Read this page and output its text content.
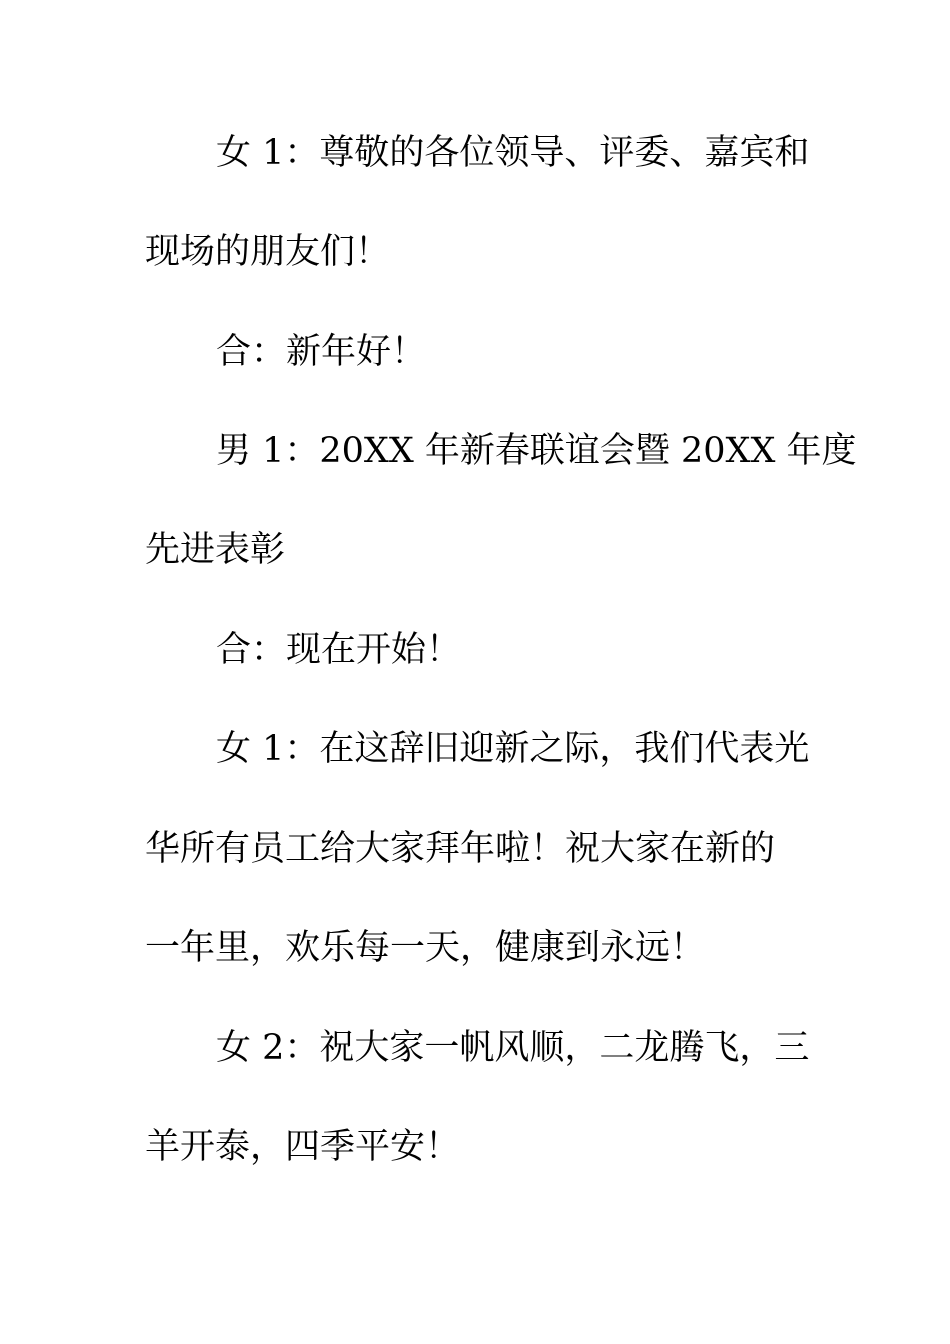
女 1：尊敬的各位领导、评委、嘉宾和
现场的朋友们！
合：新年好！
男 1：20XX 年新春联谊会暨 20XX 年度
先进表彰
合：现在开始！
女 1：在这辞旧迎新之际，我们代表光
华所有员工给大家拜年啦！祝大家在新的
一年里，欢乐每一天，健康到永远！
女 2：祝大家一帆风顺，二龙腾飞，三
羊开泰，四季平安！
